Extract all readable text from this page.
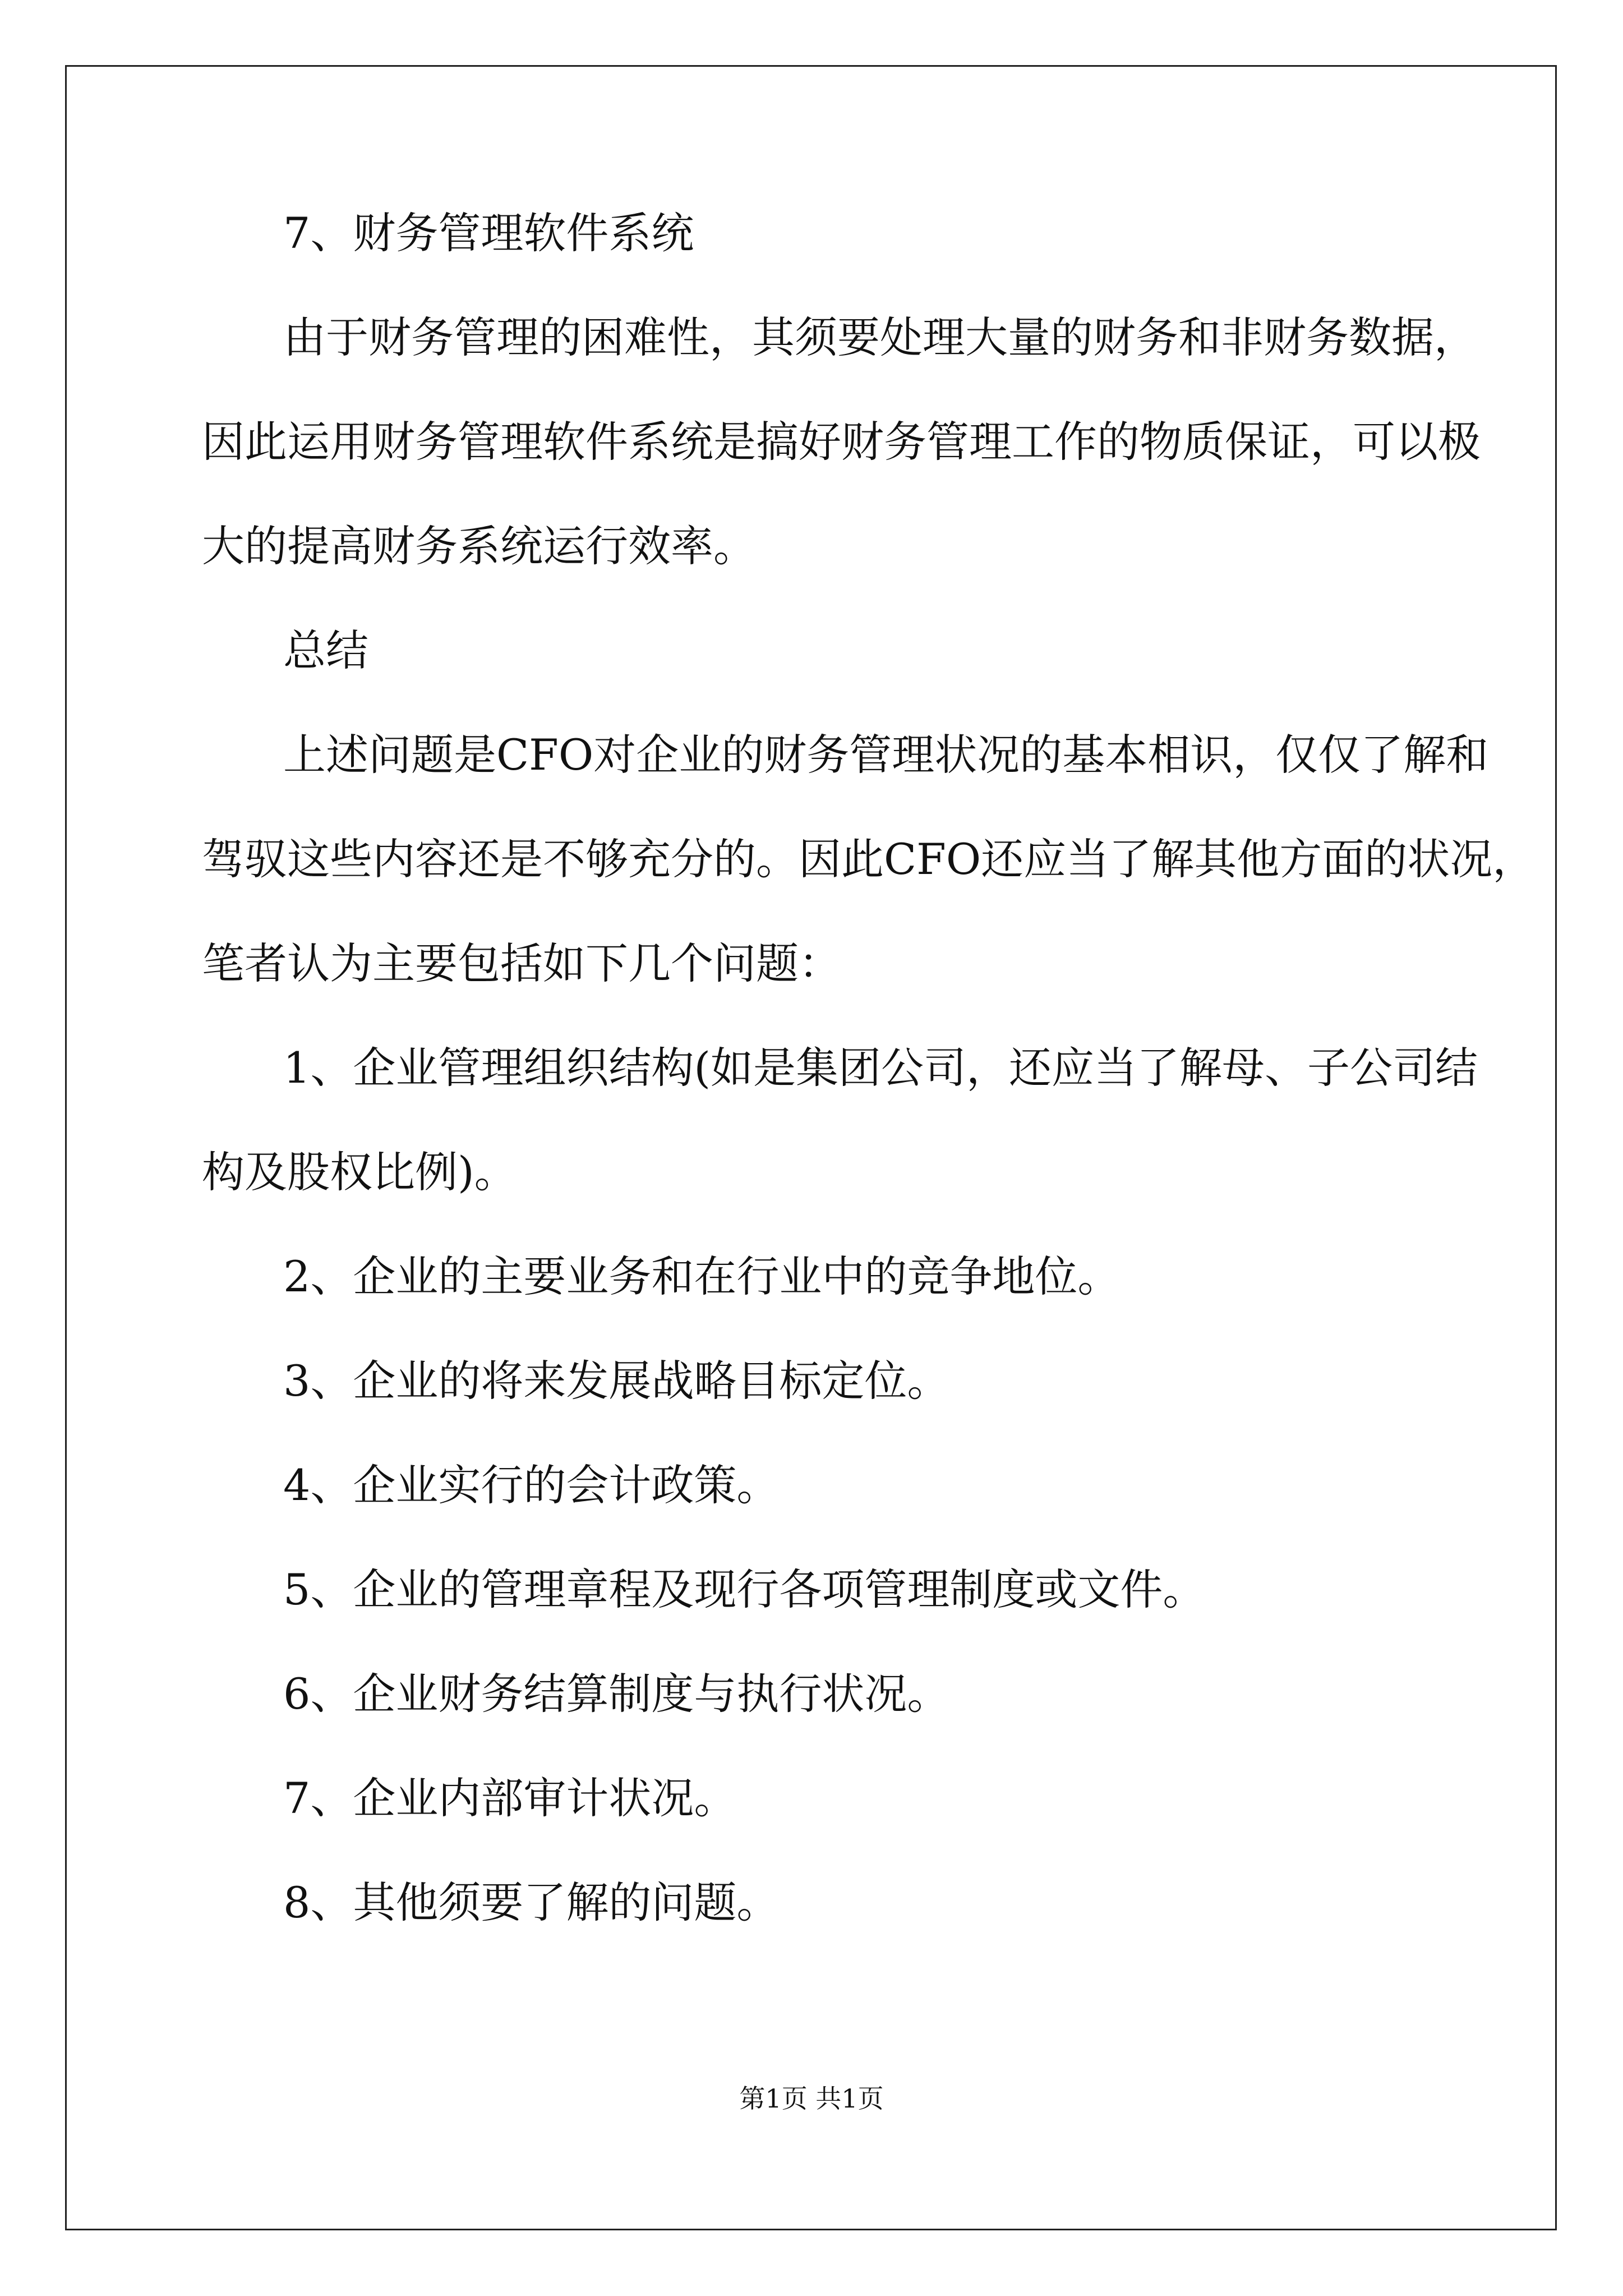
7、财务管理软件系统

由于财务管理的困难性，其须要处理大量的财务和非财务数据，

因此运用财务管理软件系统是搞好财务管理工作的物质保证，可以极

大的提高财务系统运行效率。

总结

上述问题是CFO对企业的财务管理状况的基本相识，仅仅了解和

驾驭这些内容还是不够充分的。因此CFO还应当了解其他方面的状况，

笔者认为主要包括如下几个问题：

1、企业管理组织结构(如是集团公司，还应当了解母、子公司结

构及股权比例)。

2、企业的主要业务和在行业中的竞争地位。

3、企业的将来发展战略目标定位。

4、企业实行的会计政策。

5、企业的管理章程及现行各项管理制度或文件。

6、企业财务结算制度与执行状况。

7、企业内部审计状况。

8、其他须要了解的问题。

第1页 共1页
